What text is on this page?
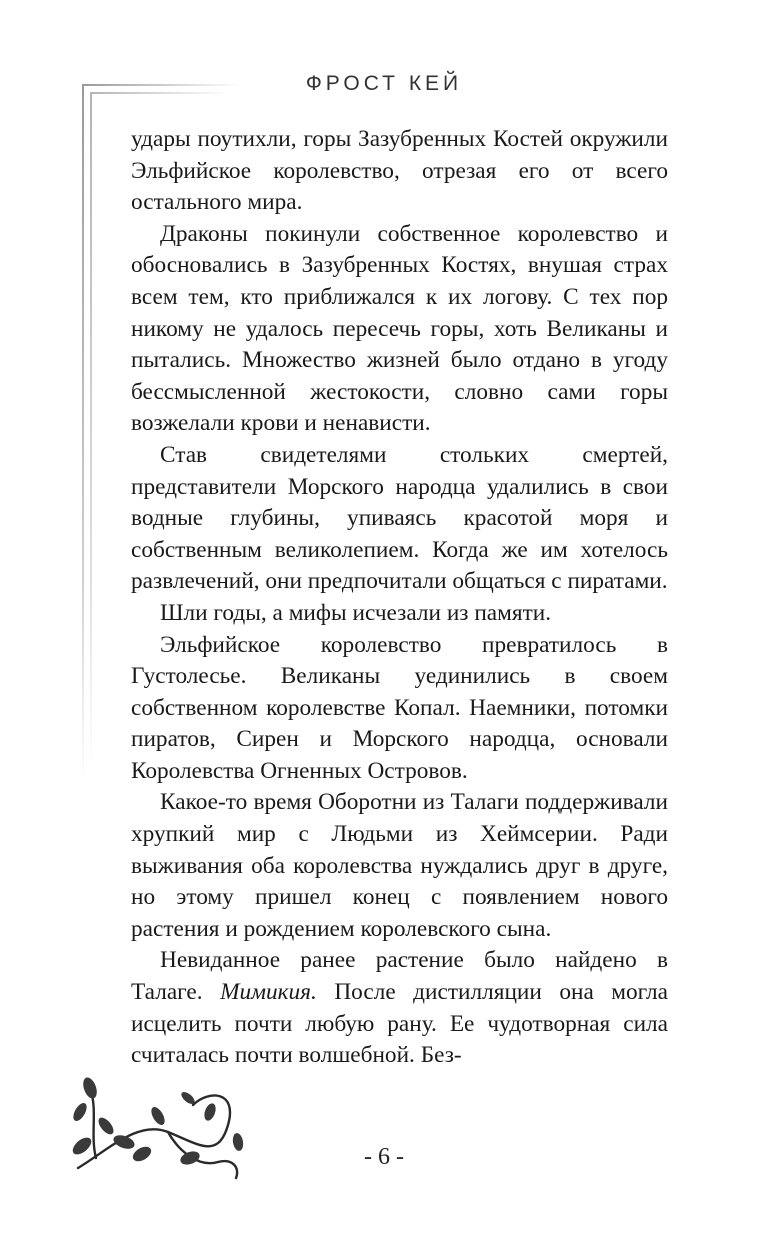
ФРОСТ КЕЙ

удары поутихли, горы Зазубренных Костей окружили Эльфийское королевство, отрезая его от всего остального мира.

Драконы покинули собственное королевство и обосновались в Зазубренных Костях, внушая страх всем тем, кто приближался к их логову. С тех пор никому не удалось пересечь горы, хоть Великаны и пытались. Множество жизней было отдано в угоду бессмысленной жестокости, словно сами горы возжелали крови и ненависти.

Став свидетелями стольких смертей, представители Морского народца удалились в свои водные глубины, упиваясь красотой моря и собственным великолепием. Когда же им хотелось развлечений, они предпочитали общаться с пиратами.

Шли годы, а мифы исчезали из памяти.

Эльфийское королевство превратилось в Густолесье. Великаны уединились в своем собственном королевстве Копал. Наемники, потомки пиратов, Сирен и Морского народца, основали Королевства Огненных Островов.

Какое-то время Оборотни из Талаги поддерживали хрупкий мир с Людьми из Хеймсерии. Ради выживания оба королевства нуждались друг в друге, но этому пришел конец с появлением нового растения и рождением королевского сына.

Невиданное ранее растение было найдено в Талаге. Мимикия. После дистилляции она могла исцелить почти любую рану. Ее чудотворная сила считалась почти волшебной. Без-

- 6 -
